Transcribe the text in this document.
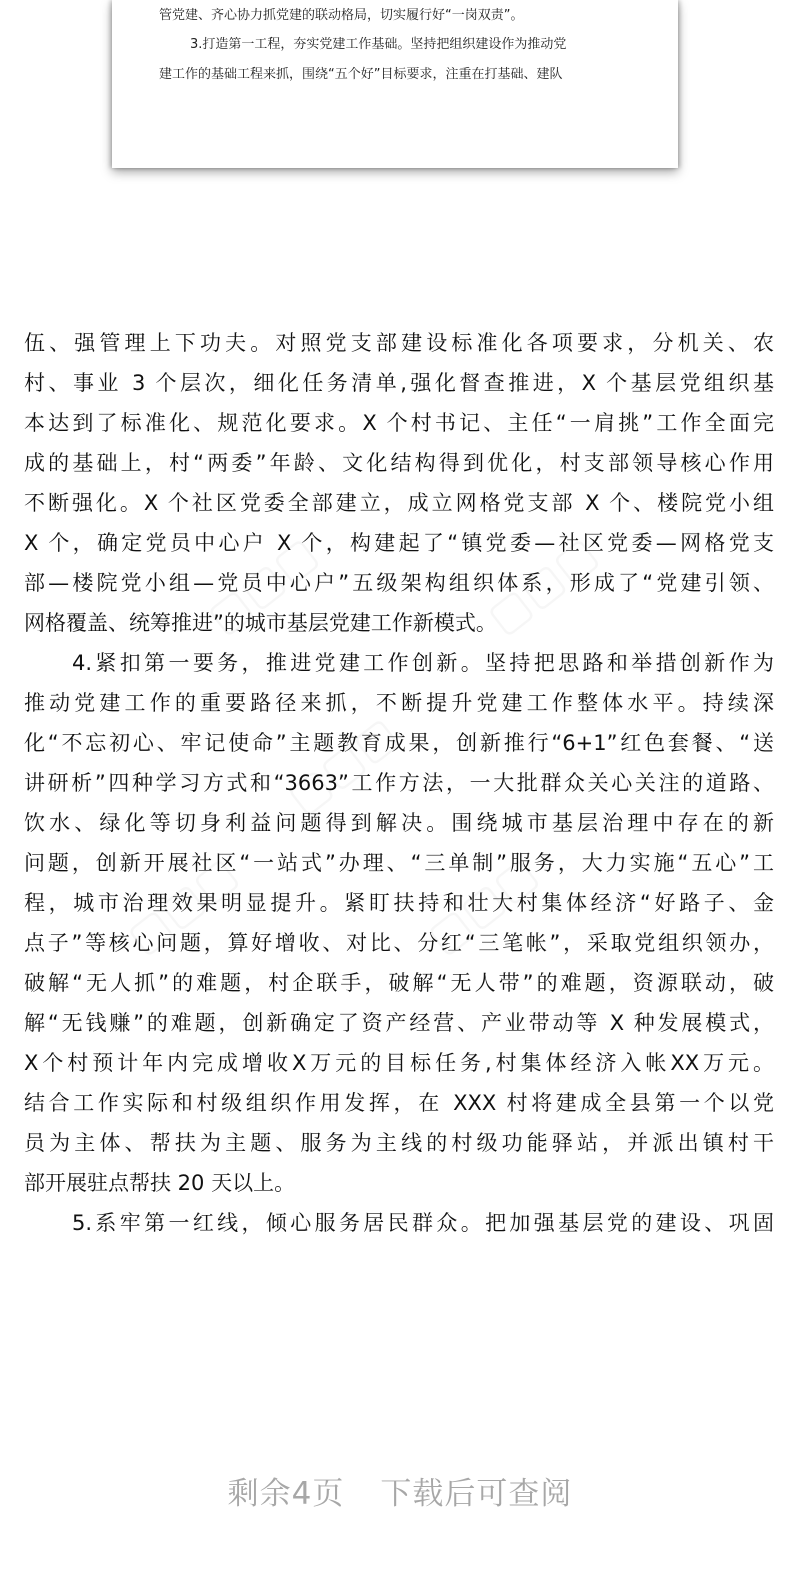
管党建、齐心协力抓党建的联动格局，切实履行好“一岗双责”。
3.打造第一工程，夯实党建工作基础。坚持把组织建设作为推动党
建工作的基础工程来抓，围绕“五个好”目标要求，注重在打基础、建队
伍、强管理上下功夫。对照党支部建设标准化各项要求，分机关、农
村、事业 3 个层次，细化任务清单,强化督查推进，X 个基层党组织基
本达到了标准化、规范化要求。X 个村书记、主任“一肩挑”工作全面完
成的基础上，村“两委”年龄、文化结构得到优化，村支部领导核心作用
不断强化。X 个社区党委全部建立，成立网格党支部 X 个、楼院党小组
X 个，确定党员中心户 X 个，构建起了“镇党委—社区党委—网格党支
部—楼院党小组—党员中心户”五级架构组织体系，形成了“党建引领、
网格覆盖、统筹推进”的城市基层党建工作新模式。
4.紧扣第一要务，推进党建工作创新。坚持把思路和举措创新作为
推动党建工作的重要路径来抓，不断提升党建工作整体水平。持续深
化“不忘初心、牢记使命”主题教育成果，创新推行“6+1”红色套餐、“送
讲研析”四种学习方式和“3663”工作方法，一大批群众关心关注的道路、
饮水、绿化等切身利益问题得到解决。围绕城市基层治理中存在的新
问题，创新开展社区“一站式”办理、“三单制”服务，大力实施“五心”工
程，城市治理效果明显提升。紧盯扶持和壮大村集体经济“好路子、金
点子”等核心问题，算好增收、对比、分红“三笔帐”，采取党组织领办，
破解“无人抓”的难题，村企联手，破解“无人带”的难题，资源联动，破
解“无钱赚”的难题，创新确定了资产经营、产业带动等 X 种发展模式，
X个村预计年内完成增收X万元的目标任务,村集体经济入帐XX万元。
结合工作实际和村级组织作用发挥，在 XXX 村将建成全县第一个以党
员为主体、帮扶为主题、服务为主线的村级功能驿站，并派出镇村干
部开展驻点帮扶 20 天以上。
5.系牢第一红线，倾心服务居民群众。把加强基层党的建设、巩固
剩余4页 下载后可查阅
